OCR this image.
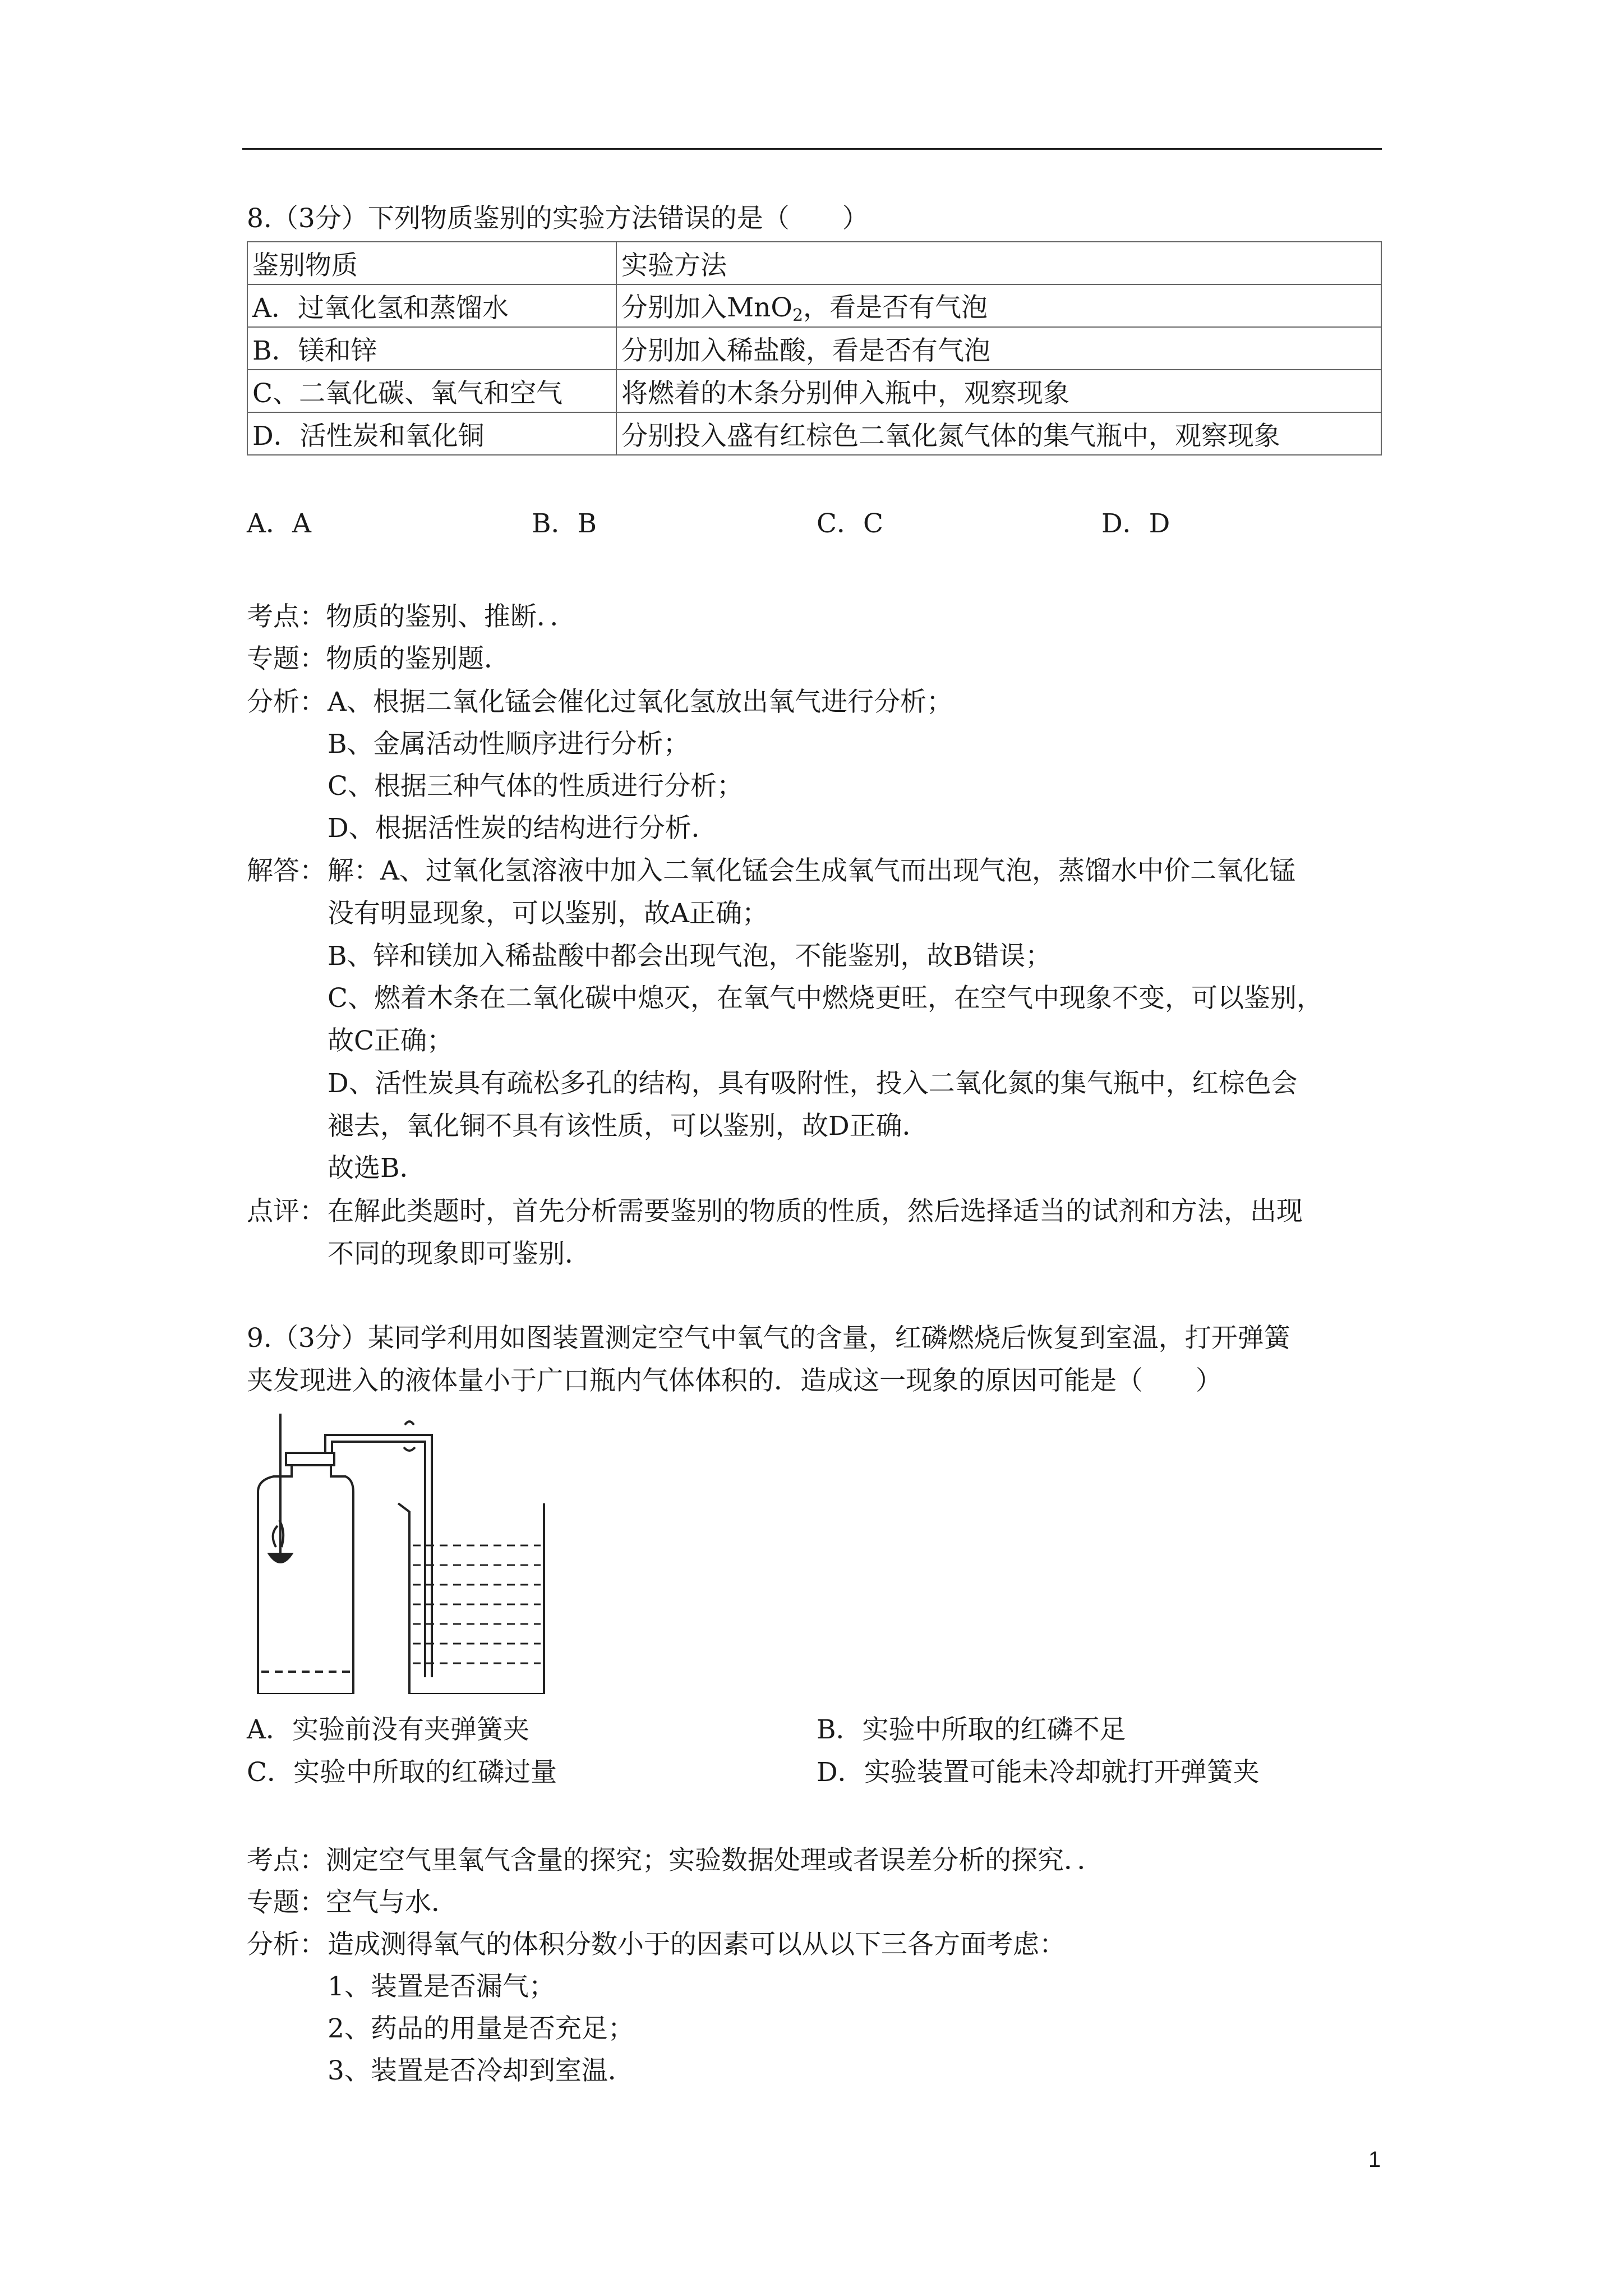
8.（3分）下列物质鉴别的实验方法错误的是（　　）
鉴别物质	实验方法
A．过氧化氢和蒸馏水	分别加入MnO$_2$，看是否有气泡
B．镁和锌	分别加入稀盐酸，看是否有气泡
C、二氧化碳、氧气和空气	将燃着的木条分别伸入瓶中，观察现象
D．活性炭和氧化铜	分别投入盛有红棕色二氧化氮气体的集气瓶中，观察现象
A．A	B．B	C．C	D．D
考点：物质的鉴别、推断．．
专题：物质的鉴别题．
分析： A、根据二氧化锰会催化过氧化氢放出氧气进行分析；
B、金属活动性顺序进行分析；
C、根据三种气体的性质进行分析；
D、根据活性炭的结构进行分析．
解答： 解：A、过氧化氢溶液中加入二氧化锰会生成氧气而出现气泡，蒸馏水中价二氧化锰
没有明显现象，可以鉴别，故A正确；
B、锌和镁加入稀盐酸中都会出现气泡，不能鉴别，故B错误；
C、燃着木条在二氧化碳中熄灭，在氧气中燃烧更旺，在空气中现象不变，可以鉴别，
故C正确；
D、活性炭具有疏松多孔的结构，具有吸附性，投入二氧化氮的集气瓶中，红棕色会
褪去，氧化铜不具有该性质，可以鉴别，故D正确．
故选B．
点评： 在解此类题时，首先分析需要鉴别的物质的性质，然后选择适当的试剂和方法，出现
不同的现象即可鉴别．
9.（3分）某同学利用如图装置测定空气中氧气的含量，红磷燃烧后恢复到室温，打开弹簧
夹发现进入的液体量小于广口瓶内气体体积的．造成这一现象的原因可能是（　　）
A．实验前没有夹弹簧夹	B．实验中所取的红磷不足
C．实验中所取的红磷过量	D．实验装置可能未冷却就打开弹簧夹
考点：测定空气里氧气含量的探究；实验数据处理或者误差分析的探究．．
专题：空气与水．
分析： 造成测得氧气的体积分数小于的因素可以从以下三各方面考虑：
1、装置是否漏气；
2、药品的用量是否充足；
3、装置是否冷却到室温．
1
